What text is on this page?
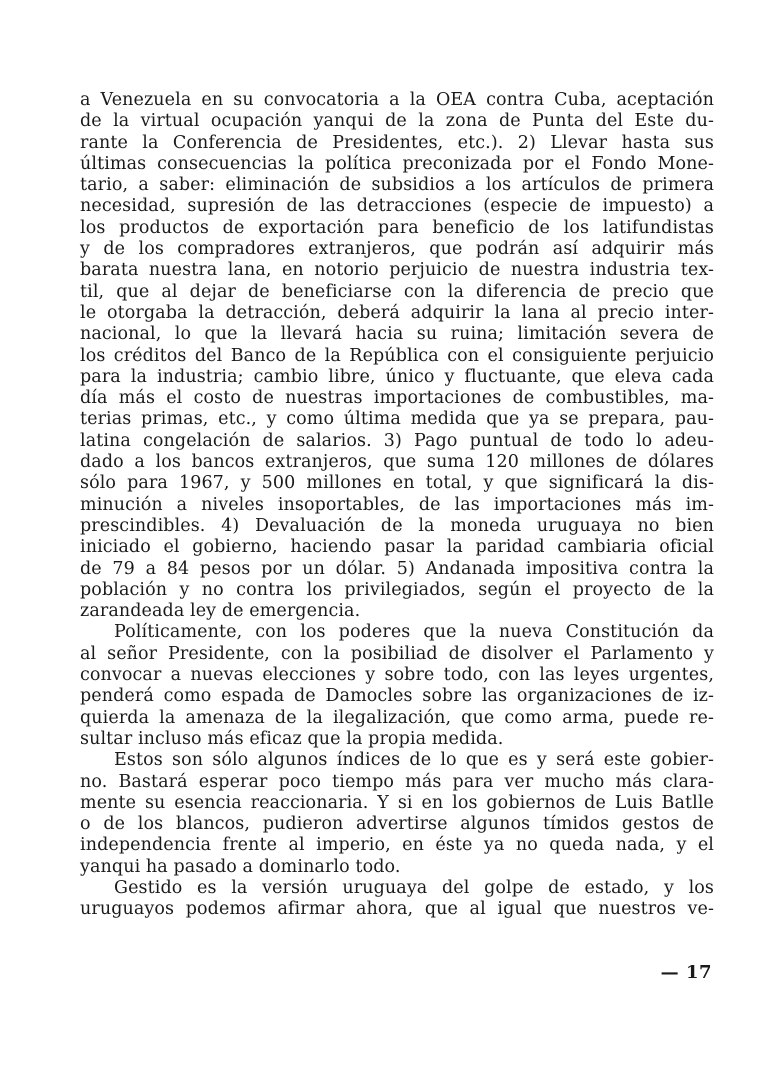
a Venezuela en su convocatoria a la OEA contra Cuba, aceptación
de la virtual ocupación yanqui de la zona de Punta del Este du-
rante la Conferencia de Presidentes, etc.). 2) Llevar hasta sus
últimas consecuencias la política preconizada por el Fondo Mone-
tario, a saber: eliminación de subsidios a los artículos de primera
necesidad, supresión de las detracciones (especie de impuesto) a
los productos de exportación para beneficio de los latifundistas
y de los compradores extranjeros, que podrán así adquirir más
barata nuestra lana, en notorio perjuicio de nuestra industria tex-
til, que al dejar de beneficiarse con la diferencia de precio que
le otorgaba la detracción, deberá adquirir la lana al precio inter-
nacional, lo que la llevará hacia su ruina; limitación severa de
los créditos del Banco de la República con el consiguiente perjuicio
para la industria; cambio libre, único y fluctuante, que eleva cada
día más el costo de nuestras importaciones de combustibles, ma-
terias primas, etc., y como última medida que ya se prepara, pau-
latina congelación de salarios. 3) Pago puntual de todo lo adeu-
dado a los bancos extranjeros, que suma 120 millones de dólares
sólo para 1967, y 500 millones en total, y que significará la dis-
minución a niveles insoportables, de las importaciones más im-
prescindibles. 4) Devaluación de la moneda uruguaya no bien
iniciado el gobierno, haciendo pasar la paridad cambiaria oficial
de 79 a 84 pesos por un dólar. 5) Andanada impositiva contra la
población y no contra los privilegiados, según el proyecto de la
zarandeada ley de emergencia.
Políticamente, con los poderes que la nueva Constitución da
al señor Presidente, con la posibiliad de disolver el Parlamento y
convocar a nuevas elecciones y sobre todo, con las leyes urgentes,
penderá como espada de Damocles sobre las organizaciones de iz-
quierda la amenaza de la ilegalización, que como arma, puede re-
sultar incluso más eficaz que la propia medida.
Estos son sólo algunos índices de lo que es y será este gobier-
no. Bastará esperar poco tiempo más para ver mucho más clara-
mente su esencia reaccionaria. Y si en los gobiernos de Luis Batlle
o de los blancos, pudieron advertirse algunos tímidos gestos de
independencia frente al imperio, en éste ya no queda nada, y el
yanqui ha pasado a dominarlo todo.
Gestido es la versión uruguaya del golpe de estado, y los
uruguayos podemos afirmar ahora, que al igual que nuestros ve-
— 17
